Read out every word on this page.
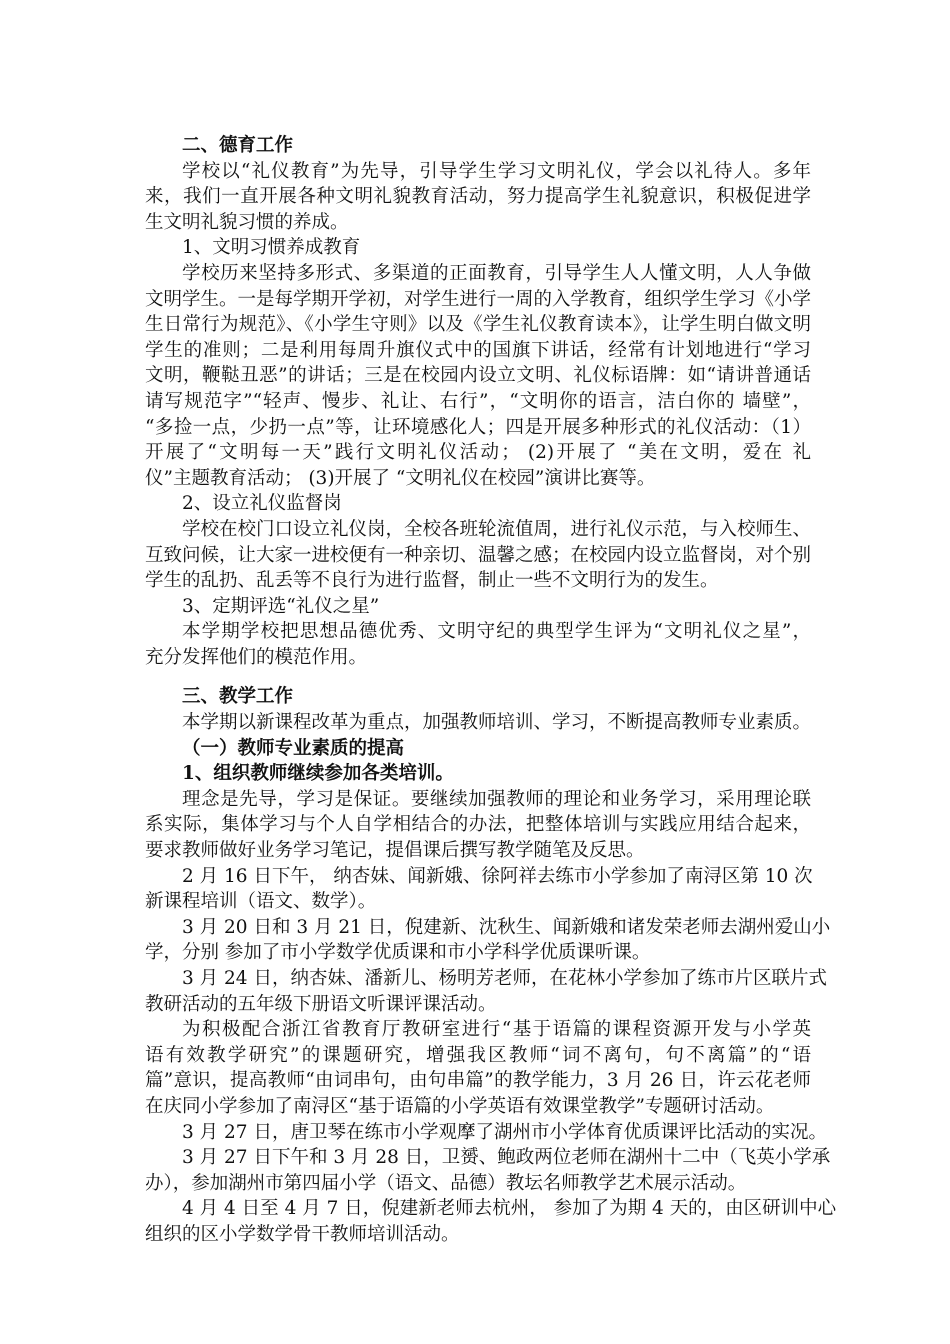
二、德育工作
学校以“礼仪教育”为先导，引导学生学习文明礼仪，学会以礼待人。多年
来，我们一直开展各种文明礼貌教育活动，努力提高学生礼貌意识，积极促进学
生文明礼貌习惯的养成。
1、文明习惯养成教育
学校历来坚持多形式、多渠道的正面教育，引导学生人人懂文明，人人争做
文明学生。一是每学期开学初，对学生进行一周的入学教育，组织学生学习《小学
生日常行为规范》、《小学生守则》以及《学生礼仪教育读本》，让学生明白做文明
学生的准则；二是利用每周升旗仪式中的国旗下讲话，经常有计划地进行“学习
文明，鞭鞑丑恶”的讲话；三是在校园内设立文明、礼仪标语牌：如“请讲普通话
请写规范字”“轻声、慢步、礼让、右行”，“文明你的语言，洁白你的 墙壁”，
“多捡一点，少扔一点”等，让环境感化人；四是开展多种形式的礼仪活动：（1）
开展了“文明每一天”践行文明礼仪活动； (2)开展了 “美在文明，爱在 礼
仪”主题教育活动； (3)开展了 “文明礼仪在校园”演讲比赛等。
2、设立礼仪监督岗
学校在校门口设立礼仪岗，全校各班轮流值周，进行礼仪示范，与入校师生、
互致问候，让大家一进校便有一种亲切、温馨之感；在校园内设立监督岗，对个别
学生的乱扔、乱丢等不良行为进行监督，制止一些不文明行为的发生。
3、定期评选“礼仪之星”
本学期学校把思想品德优秀、文明守纪的典型学生评为“文明礼仪之星”，
充分发挥他们的模范作用。
三、教学工作
本学期以新课程改革为重点，加强教师培训、学习，不断提高教师专业素质。
（一）教师专业素质的提高
1、组织教师继续参加各类培训。
理念是先导，学习是保证。要继续加强教师的理论和业务学习，采用理论联
系实际，集体学习与个人自学相结合的办法，把整体培训与实践应用结合起来，
要求教师做好业务学习笔记，提倡课后撰写教学随笔及反思。
2 月 16 日下午， 纳杏妹、闻新娥、徐阿祥去练市小学参加了南浔区第 10 次
新课程培训（语文、数学）。
3 月 20 日和 3 月 21 日，倪建新、沈秋生、闻新娥和诸发荣老师去湖州爱山小
学，分别 参加了市小学数学优质课和市小学科学优质课听课。
3 月 24 日，纳杏妹、潘新儿、杨明芳老师，在花林小学参加了练市片区联片式
教研活动的五年级下册语文听课评课活动。
为积极配合浙江省教育厅教研室进行“基于语篇的课程资源开发与小学英
语有效教学研究”的课题研究，增强我区教师“词不离句，句不离篇”的“语
篇”意识，提高教师“由词串句，由句串篇”的教学能力，3 月 26 日，许云花老师
在庆同小学参加了南浔区“基于语篇的小学英语有效课堂教学”专题研讨活动。
3 月 27 日，唐卫琴在练市小学观摩了湖州市小学体育优质课评比活动的实况。
3 月 27 日下午和 3 月 28 日，卫赟、鲍政两位老师在湖州十二中（飞英小学承
办），参加湖州市第四届小学（语文、品德）教坛名师教学艺术展示活动。
4 月 4 日至 4 月 7 日，倪建新老师去杭州， 参加了为期 4 天的，由区研训中心
组织的区小学数学骨干教师培训活动。
